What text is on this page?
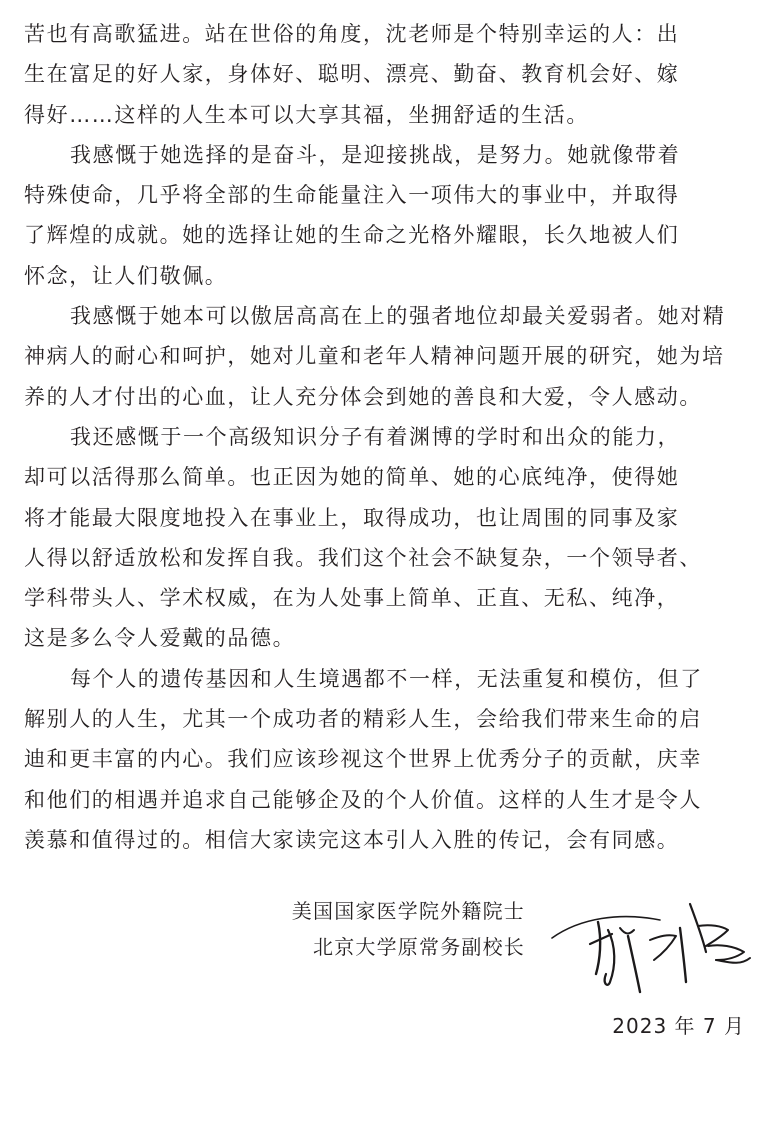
苦也有高歌猛进。站在世俗的角度，沈老师是个特别幸运的人：出
生在富足的好人家，身体好、聪明、漂亮、勤奋、教育机会好、嫁
得好……这样的人生本可以大享其福，坐拥舒适的生活。
我感慨于她选择的是奋斗，是迎接挑战，是努力。她就像带着
特殊使命，几乎将全部的生命能量注入一项伟大的事业中，并取得
了辉煌的成就。她的选择让她的生命之光格外耀眼，长久地被人们
怀念，让人们敬佩。
我感慨于她本可以傲居高高在上的强者地位却最关爱弱者。她对精
神病人的耐心和呵护，她对儿童和老年人精神问题开展的研究，她为培
养的人才付出的心血，让人充分体会到她的善良和大爱，令人感动。
我还感慨于一个高级知识分子有着渊博的学时和出众的能力，
却可以活得那么简单。也正因为她的简单、她的心底纯净，使得她
将才能最大限度地投入在事业上，取得成功，也让周围的同事及家
人得以舒适放松和发挥自我。我们这个社会不缺复杂，一个领导者、
学科带头人、学术权威，在为人处事上简单、正直、无私、纯净，
这是多么令人爱戴的品德。
每个人的遗传基因和人生境遇都不一样，无法重复和模仿，但了
解别人的人生，尤其一个成功者的精彩人生，会给我们带来生命的启
迪和更丰富的内心。我们应该珍视这个世界上优秀分子的贡献，庆幸
和他们的相遇并追求自己能够企及的个人价值。这样的人生才是令人
羡慕和值得过的。相信大家读完这本引人入胜的传记，会有同感。
美国国家医学院外籍院士
北京大学原常务副校长
2023 年 7 月
